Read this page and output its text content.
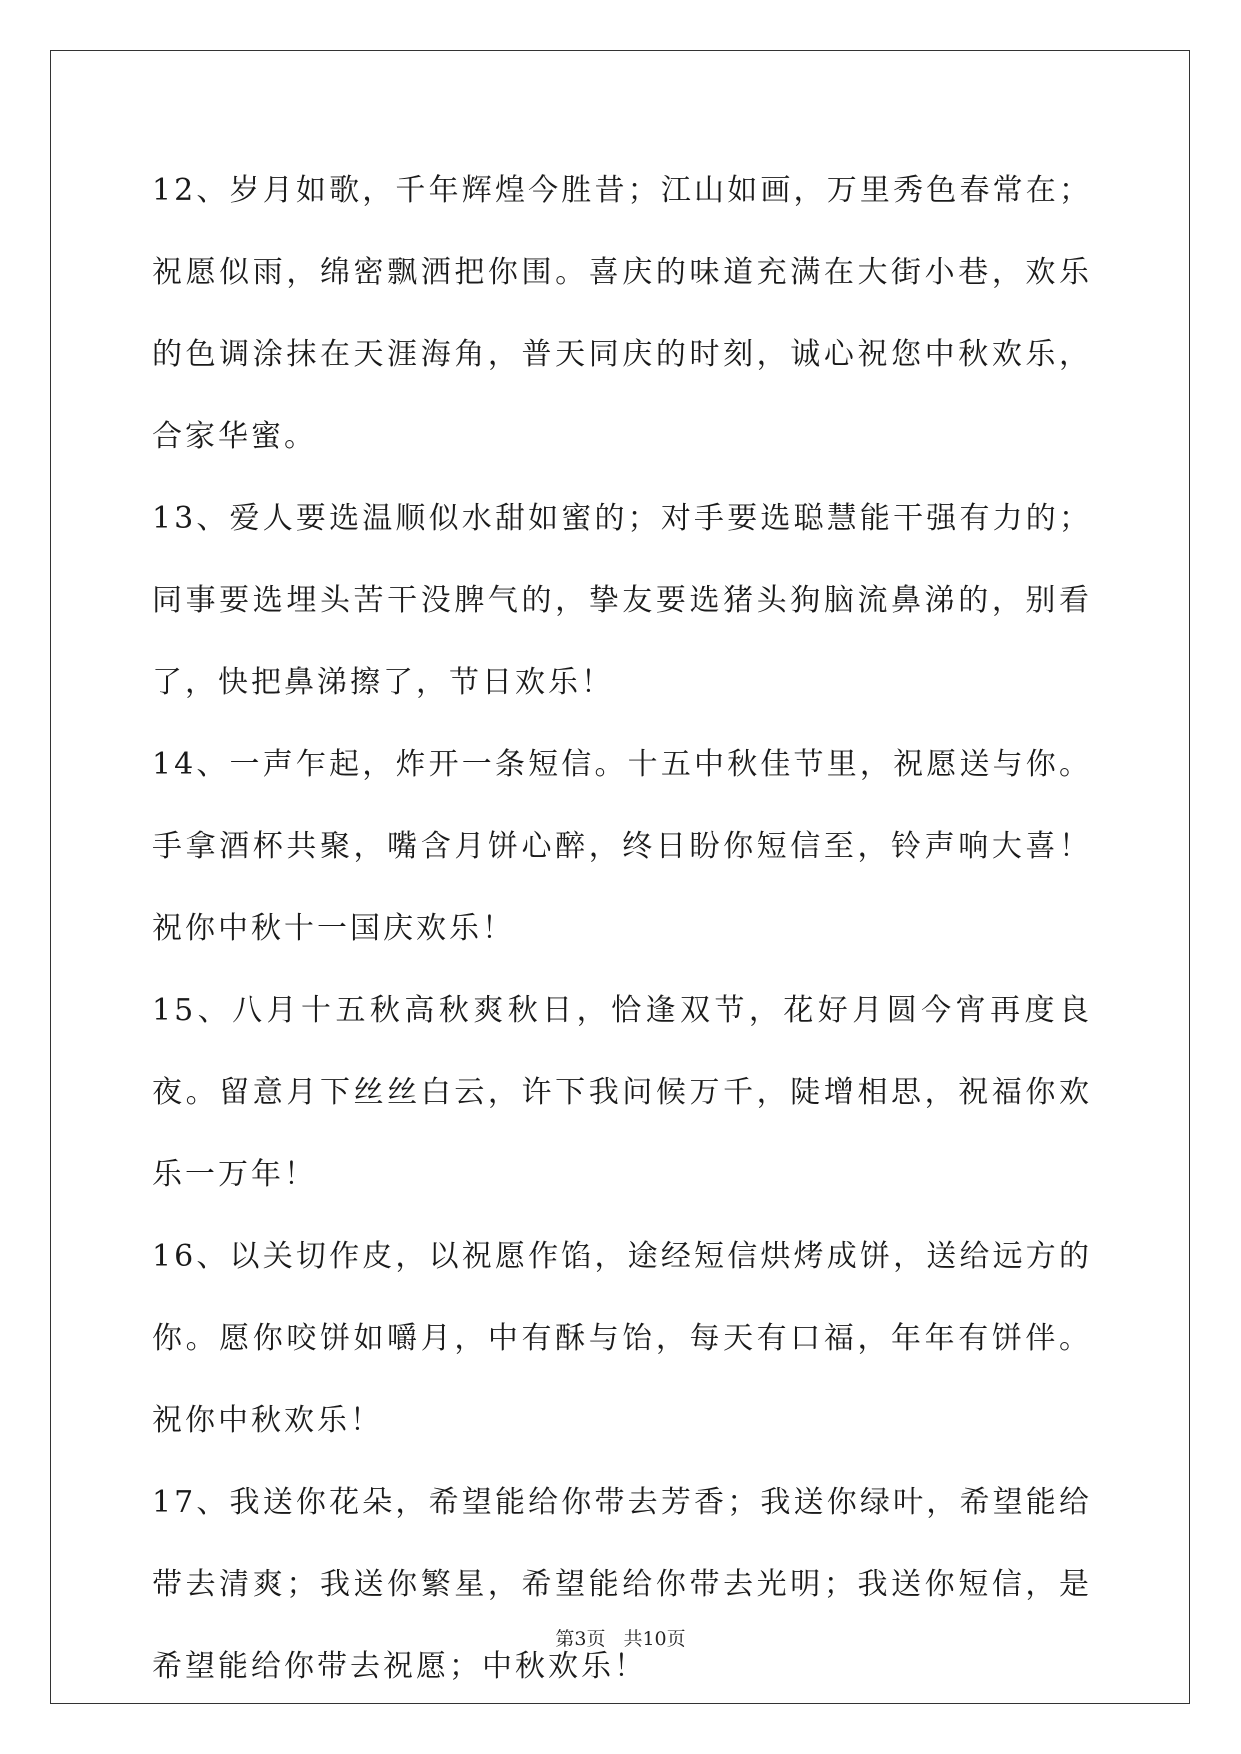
12、岁月如歌，千年辉煌今胜昔；江山如画，万里秀色春常在；祝愿似雨，绵密飘洒把你围。喜庆的味道充满在大街小巷，欢乐的色调涂抹在天涯海角，普天同庆的时刻，诚心祝您中秋欢乐，合家华蜜。

13、爱人要选温顺似水甜如蜜的；对手要选聪慧能干强有力的；同事要选埋头苦干没脾气的，挚友要选猪头狗脑流鼻涕的，别看了，快把鼻涕擦了，节日欢乐！

14、一声乍起，炸开一条短信。十五中秋佳节里，祝愿送与你。手拿酒杯共聚，嘴含月饼心醉，终日盼你短信至，铃声响大喜！祝你中秋十一国庆欢乐！

15、八月十五秋高秋爽秋日，恰逢双节，花好月圆今宵再度良夜。留意月下丝丝白云，许下我问候万千，陡增相思，祝福你欢乐一万年！

16、以关切作皮，以祝愿作馅，途经短信烘烤成饼，送给远方的你。愿你咬饼如嚼月，中有酥与饴，每天有口福，年年有饼伴。祝你中秋欢乐！

17、我送你花朵，希望能给你带去芳香；我送你绿叶，希望能给带去清爽；我送你繁星，希望能给你带去光明；我送你短信，是希望能给你带去祝愿；中秋欢乐！

第3页 共10页
